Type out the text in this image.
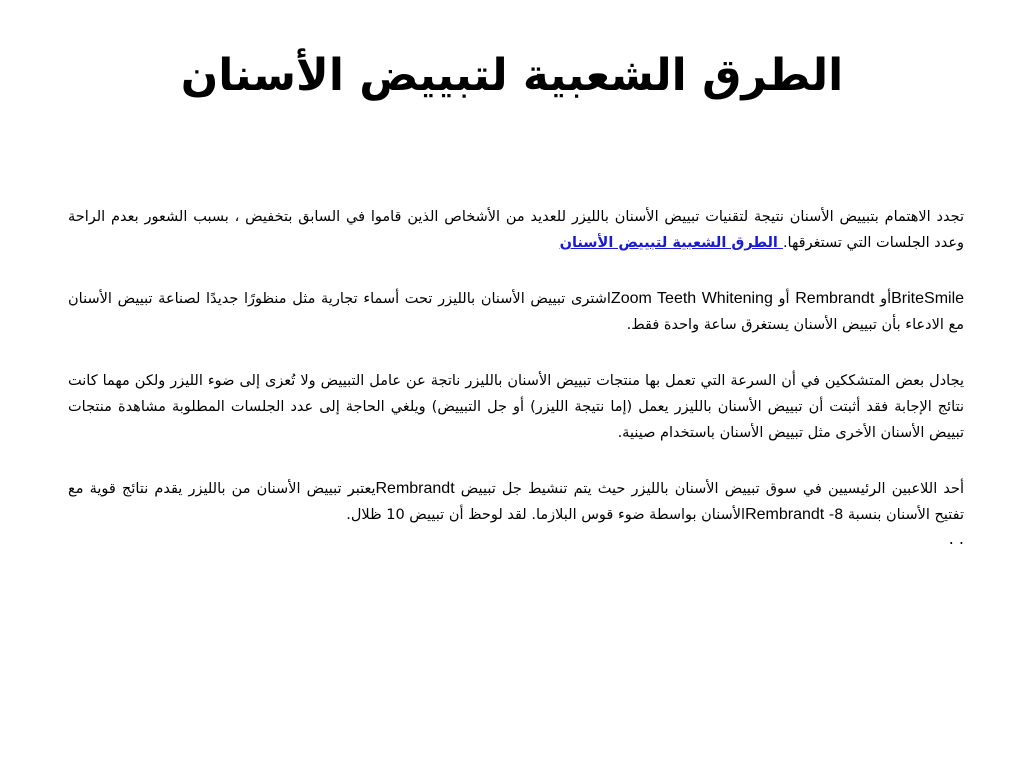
الطرق الشعبية لتبييض الأسنان

تجدد الاهتمام بتبييض الأسنان نتيجة لتقنيات تبييض الأسنان بالليزر للعديد من الأشخاص الذين قاموا في السابق بتخفيض ، بسبب الشعور بعدم الراحة وعدد الجلسات التي تستغرقها. الطرق الشعبية لتبييض الأسنان

BriteSmileأو Rembrandt أو Zoom Teeth Whiteningاشترى تبييض الأسنان بالليزر تحت أسماء تجارية مثل منظورًا جديدًا لصناعة تبييض الأسنان مع الادعاء بأن تبييض الأسنان يستغرق ساعة واحدة فقط.

يجادل بعض المتشككين في أن السرعة التي تعمل بها منتجات تبييض الأسنان بالليزر ناتجة عن عامل التبييض ولا تُعزى إلى ضوء الليزر ولكن مهما كانت نتائج الإجابة فقد أثبتت أن تبييض الأسنان بالليزر يعمل (إما نتيجة الليزر) أو جل التبييض) ويلغي الحاجة إلى عدد الجلسات المطلوبة مشاهدة منتجات تبييض الأسنان الأخرى مثل تبييض الأسنان باستخدام صينية.

أحد اللاعبين الرئيسيين في سوق تبييض الأسنان بالليزر حيث يتم تنشيط جل تبييض Rembrandtيعتبر تبييض الأسنان من بالليزر يقدم نتائج قوية مع تفتيح الأسنان بنسبة 8- Rembrandtالأسنان بواسطة ضوء قوس البلازما. لقد لوحظ أن تبييض 10 ظلال.

. .
